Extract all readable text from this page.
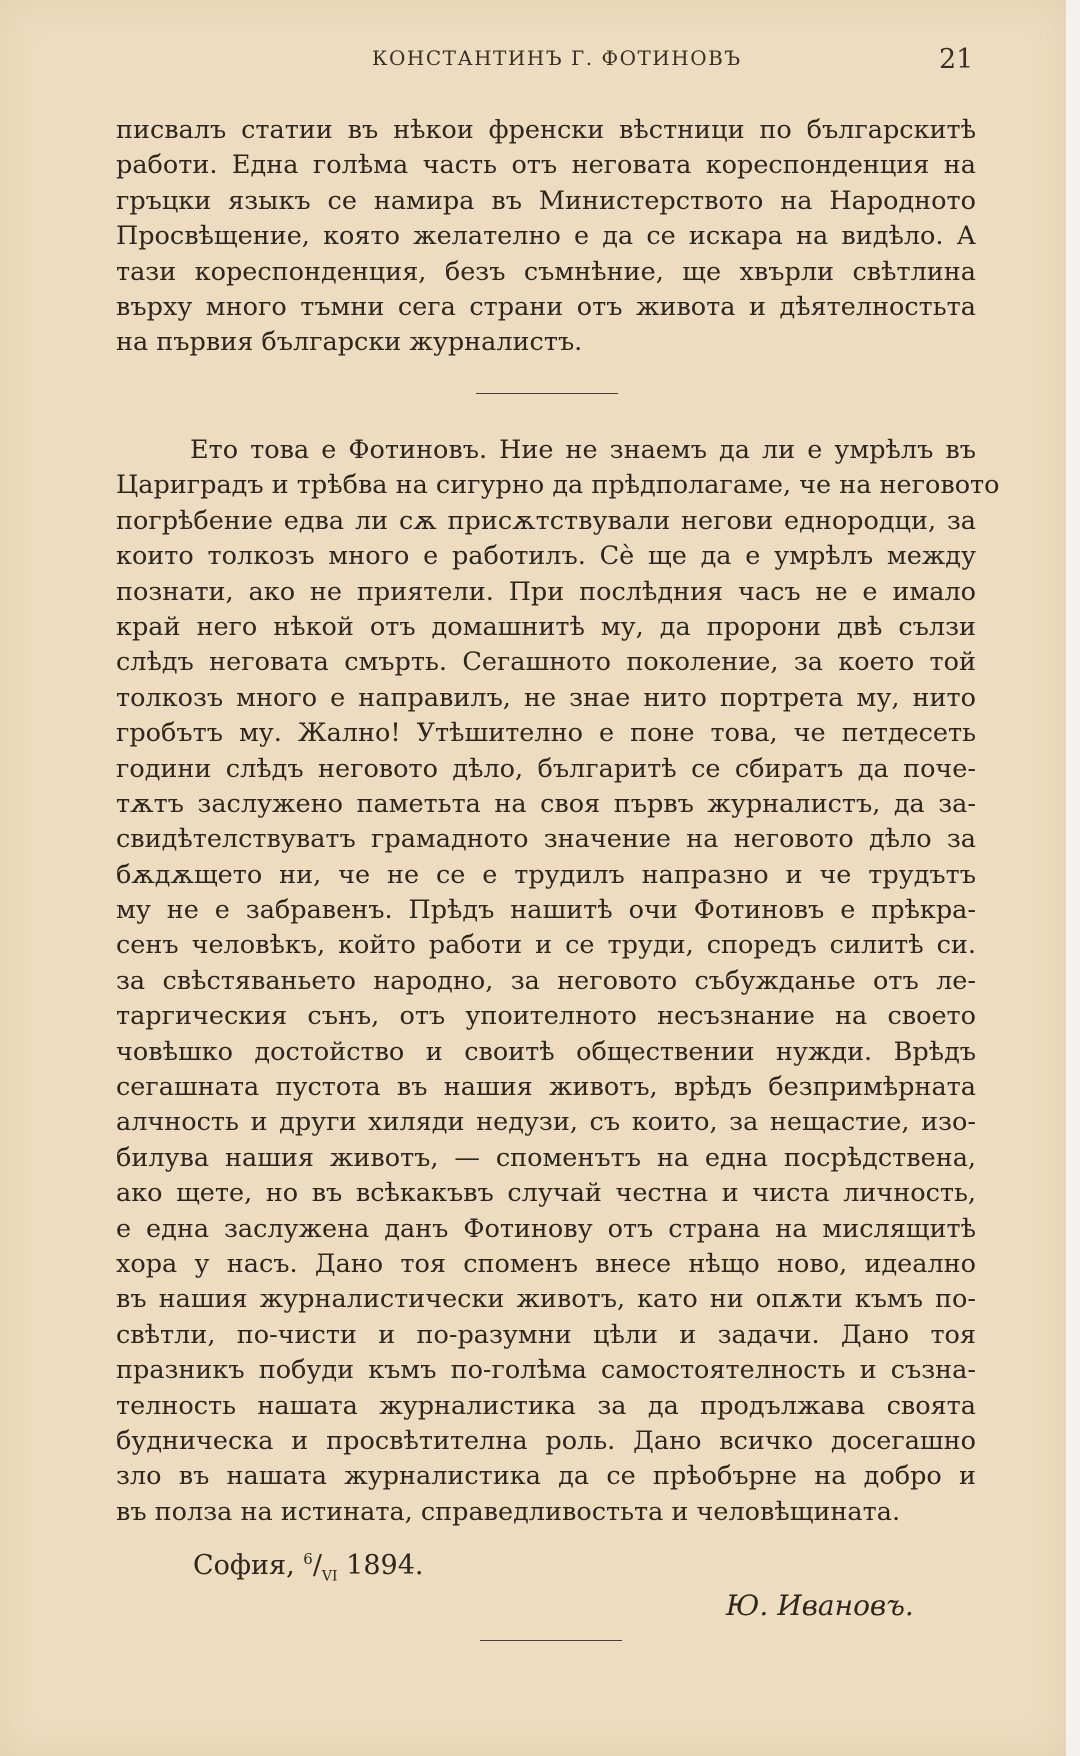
КОНСТАНТИНЪ Г. ФОТИНОВЪ	21
писвалъ статии въ нѣкои френски вѣстници по българскитѣ
работи. Една голѣма часть отъ неговата кореспонденция на
гръцки языкъ се намира въ Министерството на Народното
Просвѣщение, която желателно е да се искара на видѣло. А
тази кореспонденция, безъ съмнѣние, ще хвърли свѣтлина
върху много тъмни сега страни отъ живота и дѣятелностьта
на първия български журналистъ.
Ето това е Фотиновъ. Ние не знаемъ да ли е умрѣлъ въ
Цариградъ и трѣбва на сигурно да прѣдполагаме, че на неговото
погрѣбение едва ли сѫ присѫтствували негови еднородци, за
които толкозъ много е работилъ. Сѐ ще да е умрѣлъ между
познати, ако не приятели. При послѣдния часъ не е имало
край него нѣкой отъ домашнитѣ му, да пророни двѣ сълзи
слѣдъ неговата смърть. Сегашното поколение, за което той
толкозъ много е направилъ, не знае нито портрета му, нито
гробътъ му. Жално! Утѣшително е поне това, че петдесеть
години слѣдъ неговото дѣло, българитѣ се сбиратъ да поче-
тѫтъ заслужено паметьта на своя първъ журналистъ, да за-
свидѣтелствуватъ грамадното значение на неговото дѣло за
бѫдѫщето ни, че не се е трудилъ напразно и че трудътъ
му не е забравенъ. Прѣдъ нашитѣ очи Фотиновъ е прѣкра-
сенъ человѣкъ, който работи и се труди, споредъ силитѣ си.
за свѣстяваньето народно, за неговото събужданье отъ ле-
таргическия сънъ, отъ упоителното несъзнание на своето
човѣшко достойство и своитѣ обществении нужди. Врѣдъ
сегашната пустота въ нашия животъ, врѣдъ безпримѣрната
алчность и други хиляди недузи, съ които, за нещастие, изо-
билува нашия животъ, — споменътъ на една посрѣдствена,
ако щете, но въ всѣкакъвъ случай честна и чиста личность,
е една заслужена данъ Фотинову отъ страна на мислящитѣ
хора у насъ. Дано тоя споменъ внесе нѣщо ново, идеално
въ нашия журналистически животъ, като ни опѫти къмъ по-
свѣтли, по-чисти и по-разумни цѣли и задачи. Дано тоя
празникъ побуди къмъ по-голѣма самостоятелность и съзна-
телность нашата журналистика за да продължава своята
будническа и просвѣтителна роль. Дано всичко досегашно
зло въ нашата журналистика да се прѣобърне на добро и
въ полза на истината, справедливостьта и человѣщината.
София, $^6/_{VI}$ 1894.
Ю. Ивановъ.
